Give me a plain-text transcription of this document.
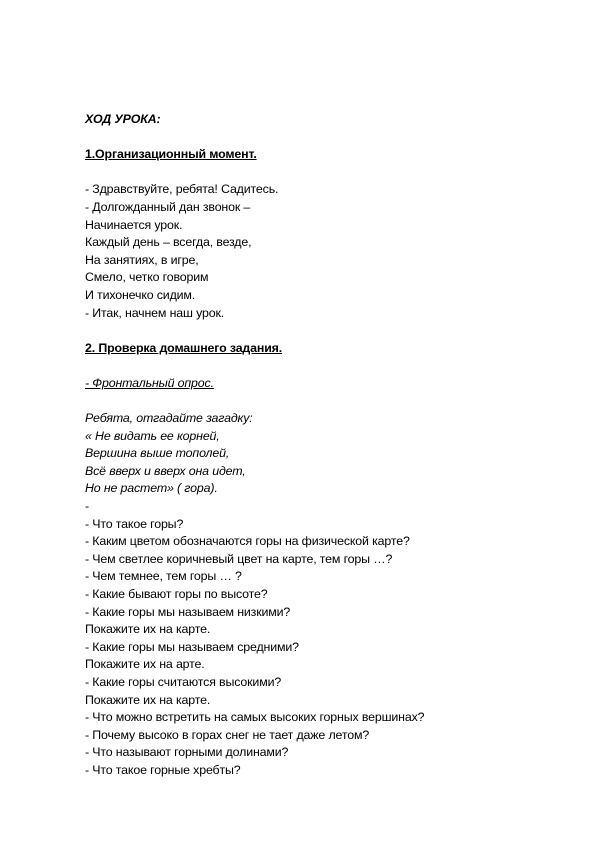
ХОД УРОКА:
1.Организационный момент.
- Здравствуйте, ребята! Садитесь.
- Долгожданный дан звонок –
Начинается урок.
Каждый день – всегда, везде,
На занятиях, в игре,
Смело, четко говорим
И тихонечко сидим.
- Итак, начнем наш урок.
2. Проверка домашнего задания.
- Фронтальный опрос.
Ребята, отгадайте загадку:
« Не видать ее корней,
Вершина выше тополей,
Всё вверх и вверх она идет,
Но не растет» ( гора).
-
- Что такое горы?
- Каким цветом обозначаются горы на физической карте?
- Чем светлее коричневый цвет на карте, тем горы …?
- Чем темнее, тем горы … ?
- Какие бывают горы по высоте?
- Какие горы мы называем низкими?
Покажите их на карте.
- Какие горы мы называем средними?
Покажите их на арте.
- Какие горы считаются высокими?
Покажите их на карте.
- Что можно встретить на самых высоких горных вершинах?
- Почему высоко в горах снег не тает даже летом?
- Что называют горными долинами?
- Что такое горные хребты?
